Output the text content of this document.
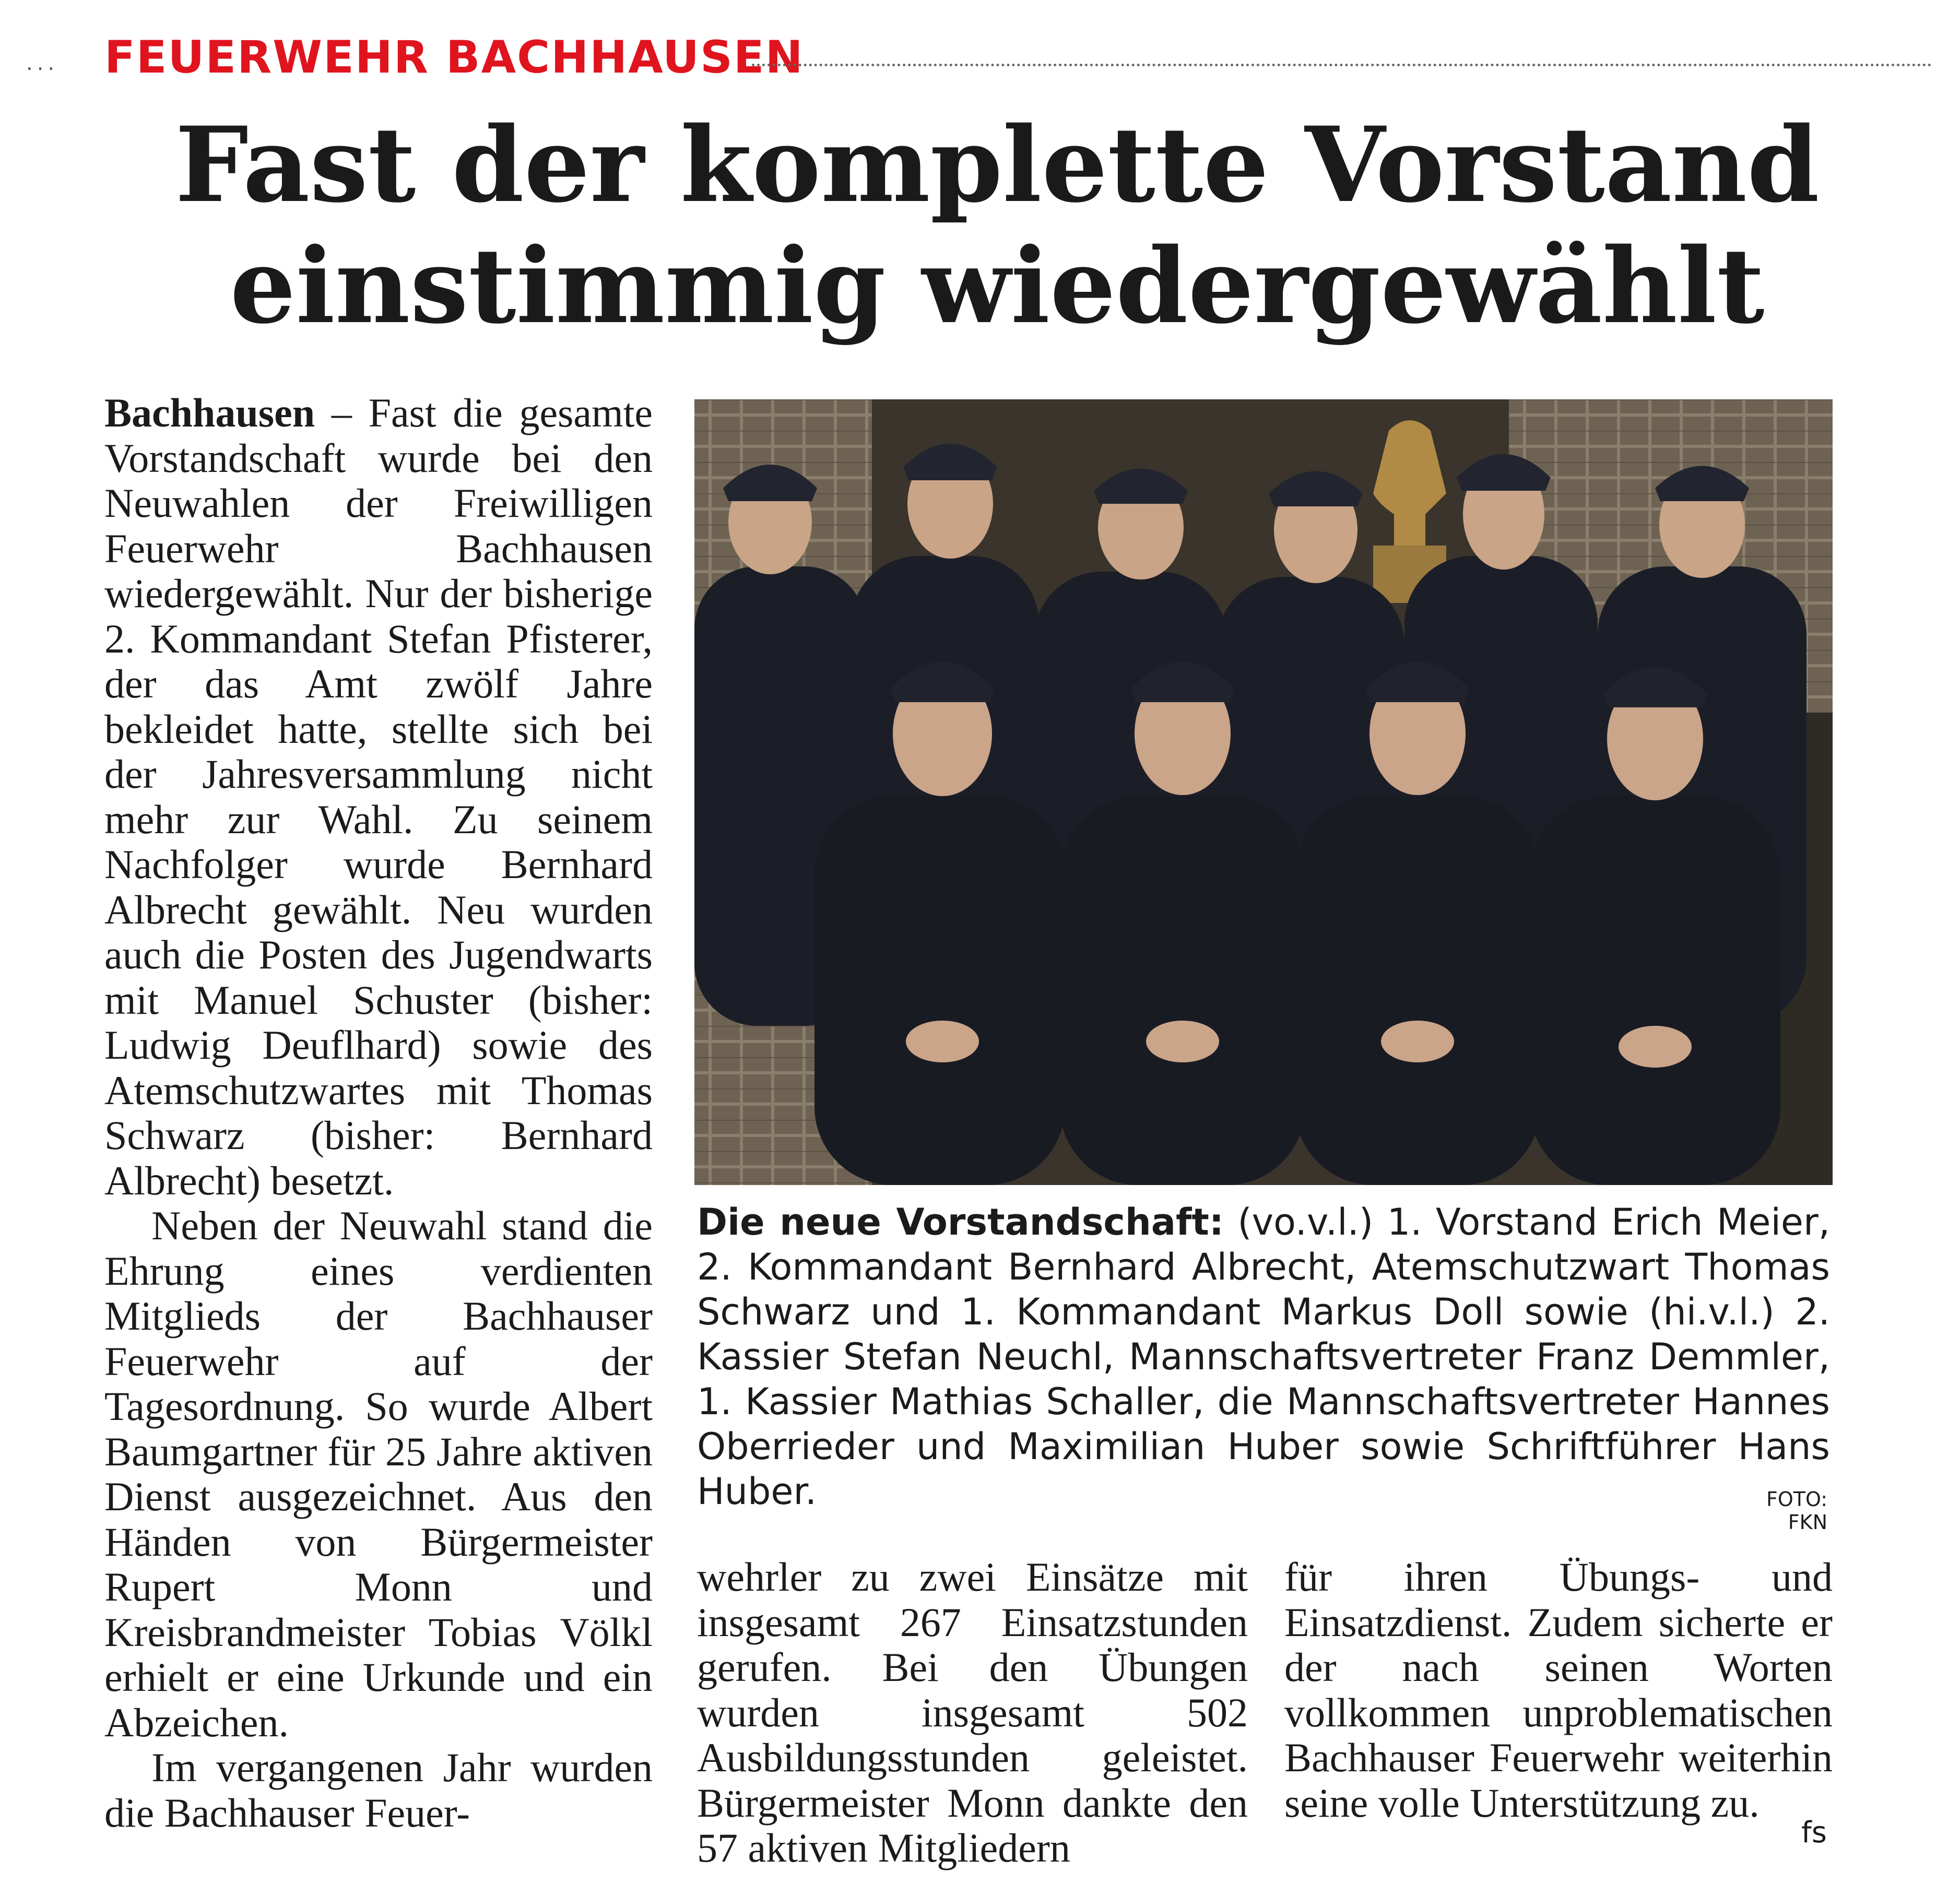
... FEUERWEHR BACHHAUSEN
Fast der komplette Vorstand
einstimmig wiedergewählt

Bachhausen – Fast die gesamte Vorstandschaft wurde bei den Neuwahlen der Freiwilligen Feuerwehr Bachhausen wiedergewählt. Nur der bisherige 2. Kommandant Stefan Pfisterer, der das Amt zwölf Jahre bekleidet hatte, stellte sich bei der Jahresversammlung nicht mehr zur Wahl. Zu seinem Nachfolger wurde Bernhard Albrecht gewählt. Neu wurden auch die Posten des Jugendwarts mit Manuel Schuster (bisher: Ludwig Deuflhard) sowie des Atemschutzwartes mit Thomas Schwarz (bisher: Bernhard Albrecht) besetzt.

Neben der Neuwahl stand die Ehrung eines verdienten Mitglieds der Bachhauser Feuerwehr auf der Tagesordnung. So wurde Albert Baumgartner für 25 Jahre aktiven Dienst ausgezeichnet. Aus den Händen von Bürgermeister Rupert Monn und Kreisbrandmeister Tobias Völkl erhielt er eine Urkunde und ein Abzeichen.

Im vergangenen Jahr wurden die Bachhauser Feuer-

Die neue Vorstandschaft: (vo.v.l.) 1. Vorstand Erich Meier, 2. Kommandant Bernhard Albrecht, Atemschutzwart Thomas Schwarz und 1. Kommandant Markus Doll sowie (hi.v.l.) 2. Kassier Stefan Neuchl, Mannschaftsvertreter Franz Demmler, 1. Kassier Mathias Schaller, die Mannschaftsvertreter Hannes Oberrieder und Maximilian Huber sowie Schriftführer Hans Huber.	FOTO: FKN

wehrler zu zwei Einsätze mit insgesamt 267 Einsatzstunden gerufen. Bei den Übungen wurden insgesamt 502 Ausbildungsstunden geleistet. Bürgermeister Monn dankte den 57 aktiven Mitgliedern

für ihren Übungs- und Einsatzdienst. Zudem sicherte er der nach seinen Worten vollkommen unproblematischen Bachhauser Feuerwehr weiterhin seine volle Unterstützung zu.

fs
